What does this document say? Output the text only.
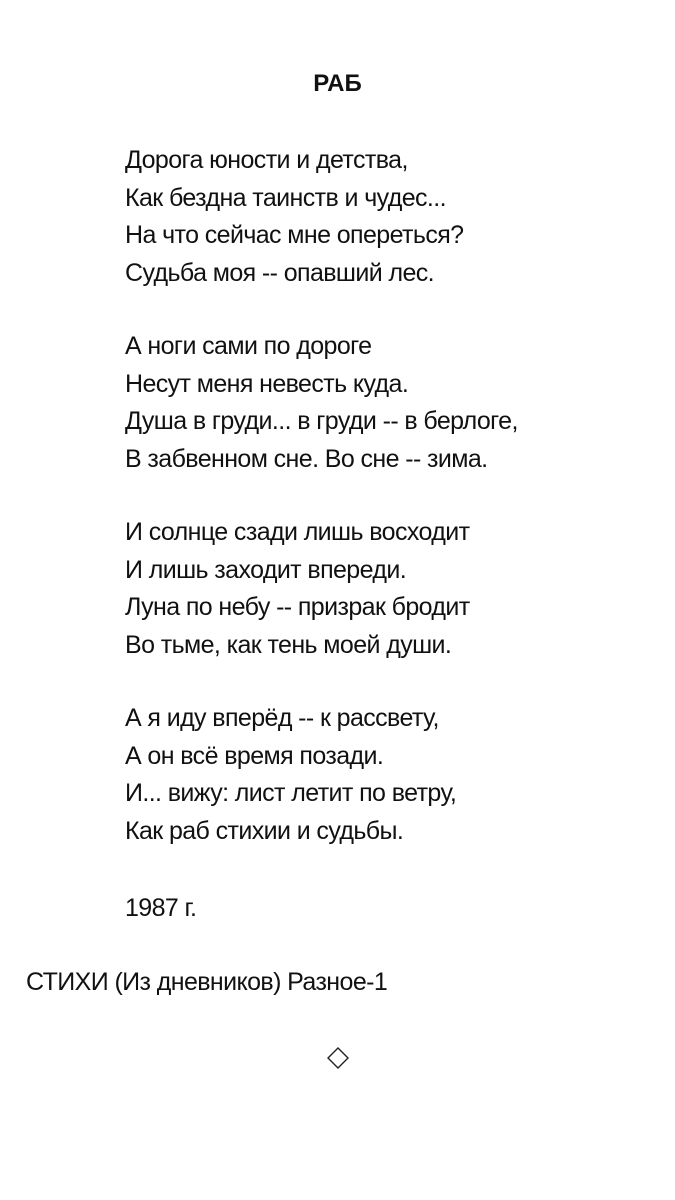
РАБ
Дорога юности и детства,
Как бездна таинств и чудес...
На что сейчас мне опереться?
Судьба моя -- опавший лес.
А ноги сами по дороге
Несут меня невесть куда.
Душа в груди... в груди -- в берлоге,
В забвенном сне. Во сне -- зима.
И солнце сзади лишь восходит
И лишь заходит впереди.
Луна по небу -- призрак бродит
Во тьме, как тень моей души.
А я иду вперёд -- к рассвету,
А он всё время позади.
И... вижу: лист летит по ветру,
Как раб стихии и судьбы.
1987 г.
СТИХИ (Из дневников) Разное-1
